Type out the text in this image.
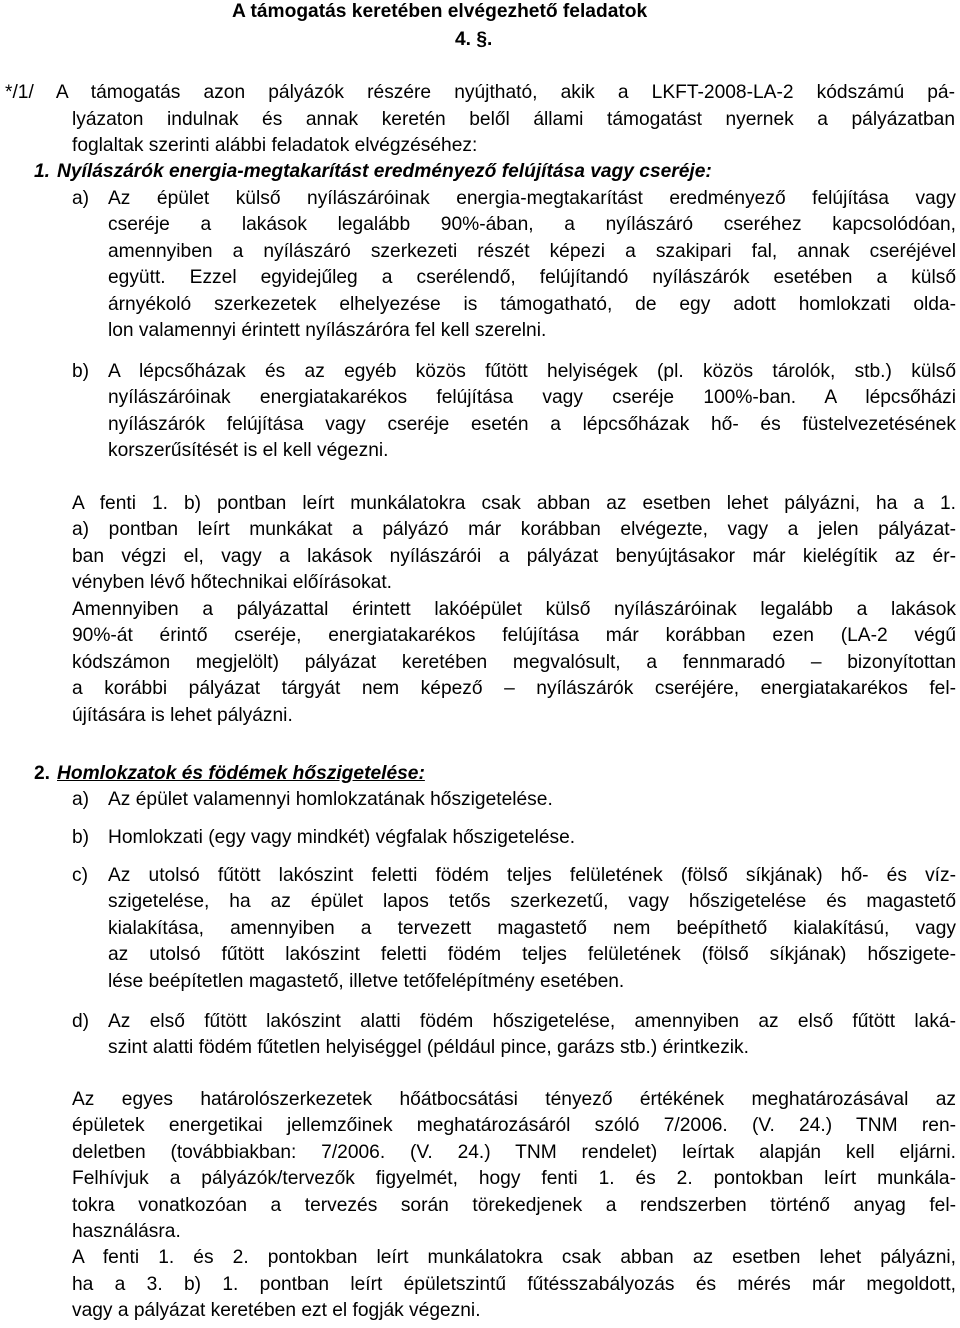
A támogatás keretében elvégezhető feladatok
4. §.
*/1/ A támogatás azon pályázók részére nyújtható, akik a LKFT-2008-LA-2 kódszámú pá-
lyázaton indulnak és annak keretén belől állami támogatást nyernek a pályázatban
foglaltak szerinti alábbi feladatok elvégzéséhez:
1. Nyílászárók energia-megtakarítást eredményező felújítása vagy cseréje:
a) Az épület külső nyílászáróinak energia-megtakarítást eredményező felújítása vagy
cseréje a lakások legalább 90%-ában, a nyílászáró cseréhez kapcsolódóan,
amennyiben a nyílászáró szerkezeti részét képezi a szakipari fal, annak cseréjével
együtt. Ezzel egyidejűleg a cserélendő, felújítandó nyílászárók esetében a külső
árnyékoló szerkezetek elhelyezése is támogatható, de egy adott homlokzati olda-
lon valamennyi érintett nyílászáróra fel kell szerelni.
b) A lépcsőházak és az egyéb közös fűtött helyiségek (pl. közös tárolók, stb.) külső
nyílászáróinak energiatakarékos felújítása vagy cseréje 100%-ban. A lépcsőházi
nyílászárók felújítása vagy cseréje esetén a lépcsőházak hő- és füstelvezetésének
korszerűsítését is el kell végezni.
A fenti 1. b) pontban leírt munkálatokra csak abban az esetben lehet pályázni, ha a 1.
a) pontban leírt munkákat a pályázó már korábban elvégezte, vagy a jelen pályázat-
ban végzi el, vagy a lakások nyílászárói a pályázat benyújtásakor már kielégítik az ér-
vényben lévő hőtechnikai előírásokat.
Amennyiben a pályázattal érintett lakóépület külső nyílászáróinak legalább a lakások
90%-át érintő cseréje, energiatakarékos felújítása már korábban ezen (LA-2 végű
kódszámon megjelölt) pályázat keretében megvalósult, a fennmaradó – bizonyítottan
a korábbi pályázat tárgyát nem képező – nyílászárók cseréjére, energiatakarékos fel-
újítására is lehet pályázni.
2. Homlokzatok és födémek hőszigetelése:
a) Az épület valamennyi homlokzatának hőszigetelése.
b) Homlokzati (egy vagy mindkét) végfalak hőszigetelése.
c) Az utolsó fűtött lakószint feletti födém teljes felületének (fölső síkjának) hő- és víz-
szigetelése, ha az épület lapos tetős szerkezetű, vagy hőszigetelése és magastető
kialakítása, amennyiben a tervezett magastető nem beépíthető kialakítású, vagy
az utolsó fűtött lakószint feletti födém teljes felületének (fölső síkjának) hőszigete-
lése beépítetlen magastető, illetve tetőfelépítmény esetében.
d) Az első fűtött lakószint alatti födém hőszigetelése, amennyiben az első fűtött laká-
szint alatti födém fűtetlen helyiséggel (például pince, garázs stb.) érintkezik.
Az egyes határolószerkezetek hőátbocsátási tényező értékének meghatározásával az
épületek energetikai jellemzőinek meghatározásáról szóló 7/2006. (V. 24.) TNM ren-
deletben (továbbiakban: 7/2006. (V. 24.) TNM rendelet) leírtak alapján kell eljárni.
Felhívjuk a pályázók/tervezők figyelmét, hogy fenti 1. és 2. pontokban leírt munkála-
tokra vonatkozóan a tervezés során törekedjenek a rendszerben történő anyag fel-
használásra.
A fenti 1. és 2. pontokban leírt munkálatokra csak abban az esetben lehet pályázni,
ha a 3. b) 1. pontban leírt épületszintű fűtésszabályozás és mérés már megoldott,
vagy a pályázat keretében ezt el fogják végezni.
